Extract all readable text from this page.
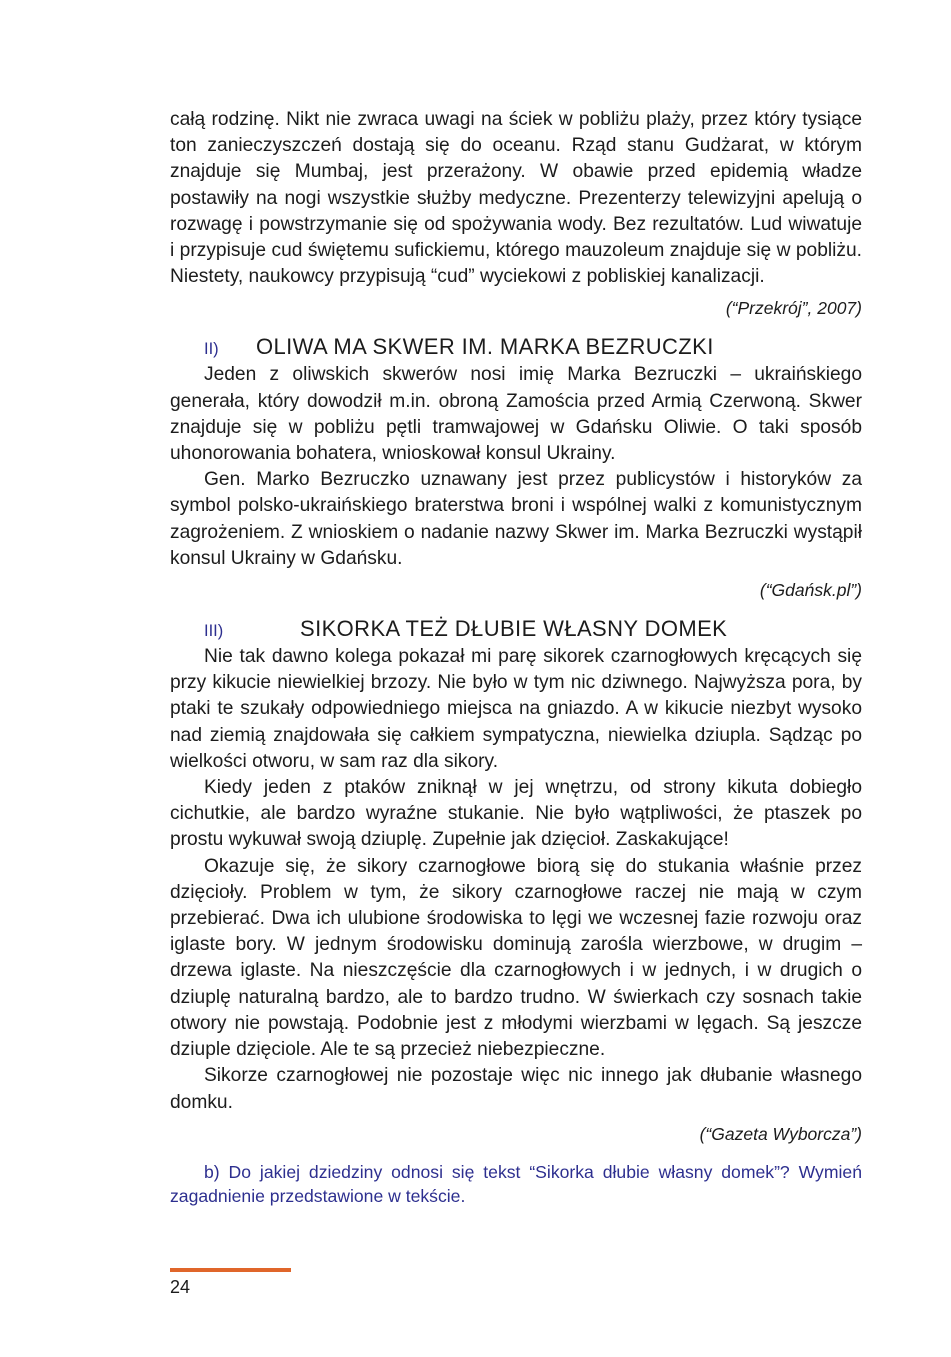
całą rodzinę. Nikt nie zwraca uwagi na ściek w pobliżu plaży, przez który tysiące ton zanieczyszczeń dostają się do oceanu. Rząd stanu Gudżarat, w którym znajduje się Mumbaj, jest przerażony. W obawie przed epidemią władze postawiły na nogi wszystkie służby medyczne. Prezenterzy telewizyjni apelują o rozwagę i powstrzymanie się od spożywania wody. Bez rezultatów. Lud wiwatuje i przypisuje cud świętemu sufickiemu, którego mauzoleum znajduje się w pobliżu. Niestety, naukowcy przypisują “cud” wyciekowi z pobliskiej kanalizacji.

(“Przekrój”, 2007)
II)	OLIWA MA SKWER IM. MARKA BEZRUCZKI

Jeden z oliwskich skwerów nosi imię Marka Bezruczki – ukraińskiego generała, który dowodził m.in. obroną Zamościa przed Armią Czerwoną. Skwer znajduje się w pobliżu pętli tramwajowej w Gdańsku Oliwie. O taki sposób uhonorowania bohatera, wnioskował konsul Ukrainy.

Gen. Marko Bezruczko uznawany jest przez publicystów i historyków za symbol polsko-ukraińskiego braterstwa broni i wspólnej walki z komunistycznym zagrożeniem. Z wnioskiem o nadanie nazwy Skwer im. Marka Bezruczki wystąpił konsul Ukrainy w Gdańsku.

(“Gdańsk.pl”)
III)	SIKORKA TEŻ DŁUBIE WŁASNY DOMEK

Nie tak dawno kolega pokazał mi parę sikorek czarnogłowych kręcących się przy kikucie niewielkiej brzozy. Nie było w tym nic dziwnego. Najwyższa pora, by ptaki te szukały odpowiedniego miejsca na gniazdo. A w kikucie niezbyt wysoko nad ziemią znajdowała się całkiem sympatyczna, niewielka dziupla. Sądząc po wielkości otworu, w sam raz dla sikory.

Kiedy jeden z ptaków zniknął w jej wnętrzu, od strony kikuta dobiegło cichutkie, ale bardzo wyraźne stukanie. Nie było wątpliwości, że ptaszek po prostu wykuwał swoją dziuplę. Zupełnie jak dzięcioł. Zaskakujące!

Okazuje się, że sikory czarnogłowe biorą się do stukania właśnie przez dzięcioły. Problem w tym, że sikory czarnogłowe raczej nie mają w czym przebierać. Dwa ich ulubione środowiska to lęgi we wczesnej fazie rozwoju oraz iglaste bory. W jednym środowisku dominują zarośla wierzbowe, w drugim – drzewa iglaste. Na nieszczęście dla czarnogłowych i w jednych, i w drugich o dziuplę naturalną bardzo, ale to bardzo trudno. W świerkach czy sosnach takie otwory nie powstają. Podobnie jest z młodymi wierzbami w lęgach. Są jeszcze dziuple dzięciole. Ale te są przecież niebezpieczne.

Sikorze czarnogłowej nie pozostaje więc nic innego jak dłubanie własnego domku.

(“Gazeta Wyborcza”)

b) Do jakiej dziedziny odnosi się tekst “Sikorka dłubie własny domek”? Wymień zagadnienie przedstawione w tekście.

24
